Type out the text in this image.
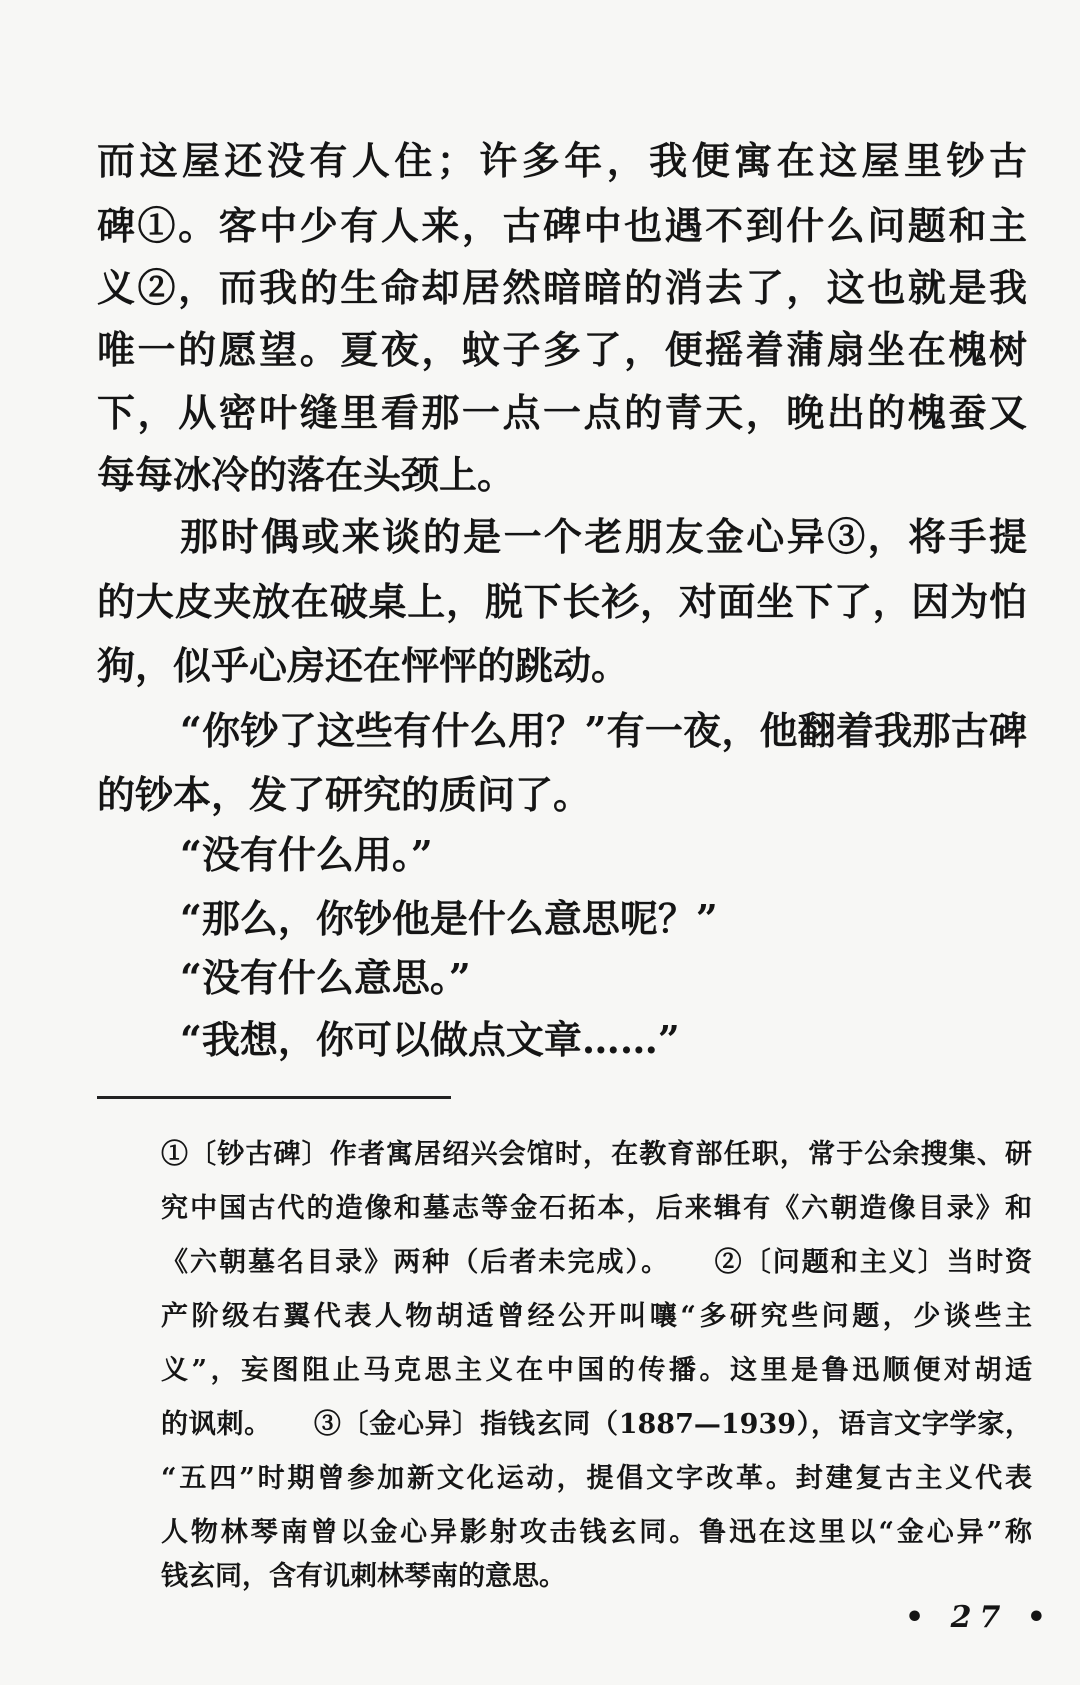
而这屋还没有人住；许多年，我便寓在这屋里钞古
碑①。客中少有人来，古碑中也遇不到什么问题和主
义②，而我的生命却居然暗暗的消去了，这也就是我
唯一的愿望。夏夜，蚊子多了，便摇着蒲扇坐在槐树
下，从密叶缝里看那一点一点的青天，晚出的槐蚕又
每每冰冷的落在头颈上。
那时偶或来谈的是一个老朋友金心异③，将手提
的大皮夹放在破桌上，脱下长衫，对面坐下了，因为怕
狗，似乎心房还在怦怦的跳动。
“你钞了这些有什么用？”有一夜，他翻着我那古碑
的钞本，发了研究的质问了。
“没有什么用。”
“那么，你钞他是什么意思呢？”
“没有什么意思。”
“我想，你可以做点文章……”
①〔钞古碑〕作者寓居绍兴会馆时，在教育部任职，常于公余搜集、研
究中国古代的造像和墓志等金石拓本，后来辑有《六朝造像目录》和
《六朝墓名目录》两种（后者未完成）。　　②〔问题和主义〕当时资
产阶级右翼代表人物胡适曾经公开叫嚷“多研究些问题，少谈些主
义”，妄图阻止马克思主义在中国的传播。这里是鲁迅顺便对胡适
的讽刺。　　③〔金心异〕指钱玄同（1887—1939），语言文字学家，
“五四”时期曾参加新文化运动，提倡文字改革。封建复古主义代表
人物林琴南曾以金心异影射攻击钱玄同。鲁迅在这里以“金心异”称
钱玄同，含有讥刺林琴南的意思。
• 27 •
